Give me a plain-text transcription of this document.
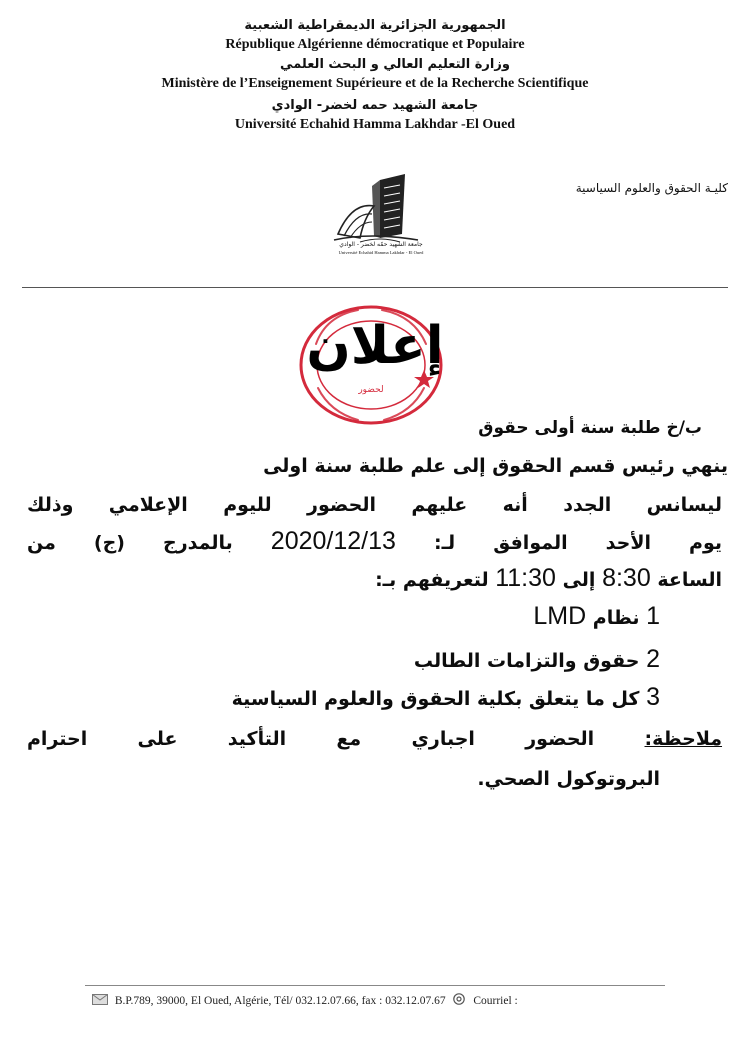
الجمهورية الجزائرية الديمقراطية الشعبية
République Algérienne démocratique et Populaire
وزارة التعليم العالي و البحث العلمي
Ministère de l’Enseignement Supérieure et de la Recherche Scientifique
جامعة الشهيد حمه لخضر- الوادي
Université Echahid Hamma Lakhdar -El Oued
كليـة الحقوق والعلوم السياسية
جامعة الشهيد حمّه لخضر - الوادي
Université Echahid Hamma Lakhdar - El Oued
لحضور
إعلان
ب/خ طلبة سنة أولى حقوق
ينهي رئيس قسم الحقوق إلى علم طلبة سنة اولى
ليسانس الجدد أنه عليهم الحضور لليوم الإعلامي وذلك
يوم الأحد الموافق لـ: 2020/12/13 بالمدرج (ج) من
الساعة 8:30 إلى 11:30 لتعريفهم بـ:
1 نظام LMD
2 حقوق والتزامات الطالب
3 كل ما يتعلق بكلية الحقوق والعلوم السياسية
ملاحظة: الحضور اجباري مع التأكيد على احترام
البروتوكول الصحي.
B.P.789, 39000, El Oued, Algérie, Tél/ 032.12.07.66, fax : 032.12.07.67 Courriel :
